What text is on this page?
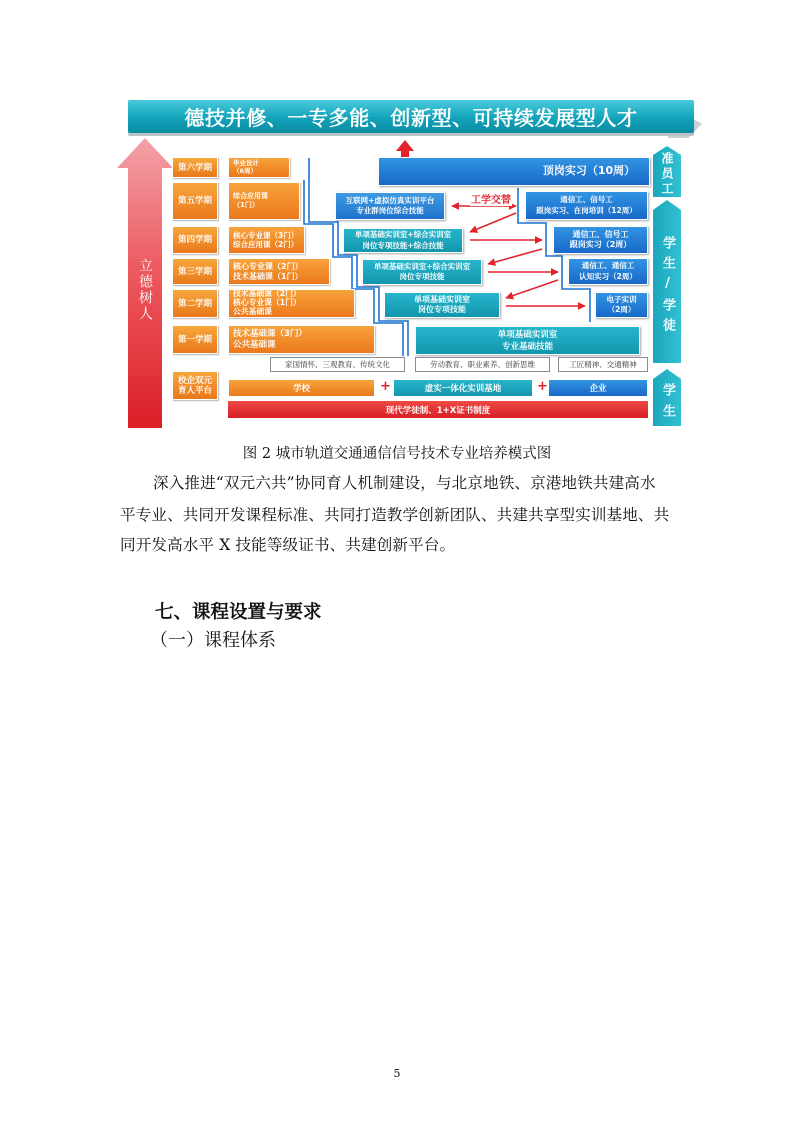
德技并修、一专多能、创新型、可持续发展型人才
立德树人
第六学期
第五学期
第四学期
第三学期
第二学期
第一学期
校企双元
育人平台
毕业设计
（6周）
综合应用课
（1门）
核心专业课（3门）
综合应用课（2门）
核心专业课（2门）
技术基础课（1门）
技术基础课（2门）
核心专业课（1门）
公共基础课
技术基础课（3门）
公共基础课
互联网+虚拟仿真实训平台
专业群岗位综合技能
单项基础实训室+综合实训室
岗位专项技能+综合技能
单项基础实训室+综合实训室
岗位专项技能
单项基础实训室
岗位专项技能
单项基础实训室
专业基础技能
顶岗实习（10周）
通信工、信号工
跟岗实习、在岗培训（12周）
通信工、信号工
跟岗实习（2周）
通信工、通信工
认知实习（2周）
电子实训
（2周）
工学交替
家国情怀、三观教育、传统文化	劳动教育、职业素养、创新思维	工匠精神、交通精神
学校	+	虚实一体化实训基地	+	企业
现代学徒制、1+X证书制度
准员工
学生/学徒
学生
图 2 城市轨道交通通信信号技术专业培养模式图
深入推进“双元六共”协同育人机制建设，与北京地铁、京港地铁共建高水
平专业、共同开发课程标准、共同打造教学创新团队、共建共享型实训基地、共
同开发高水平 X 技能等级证书、共建创新平台。
七、课程设置与要求
（一）课程体系
5
